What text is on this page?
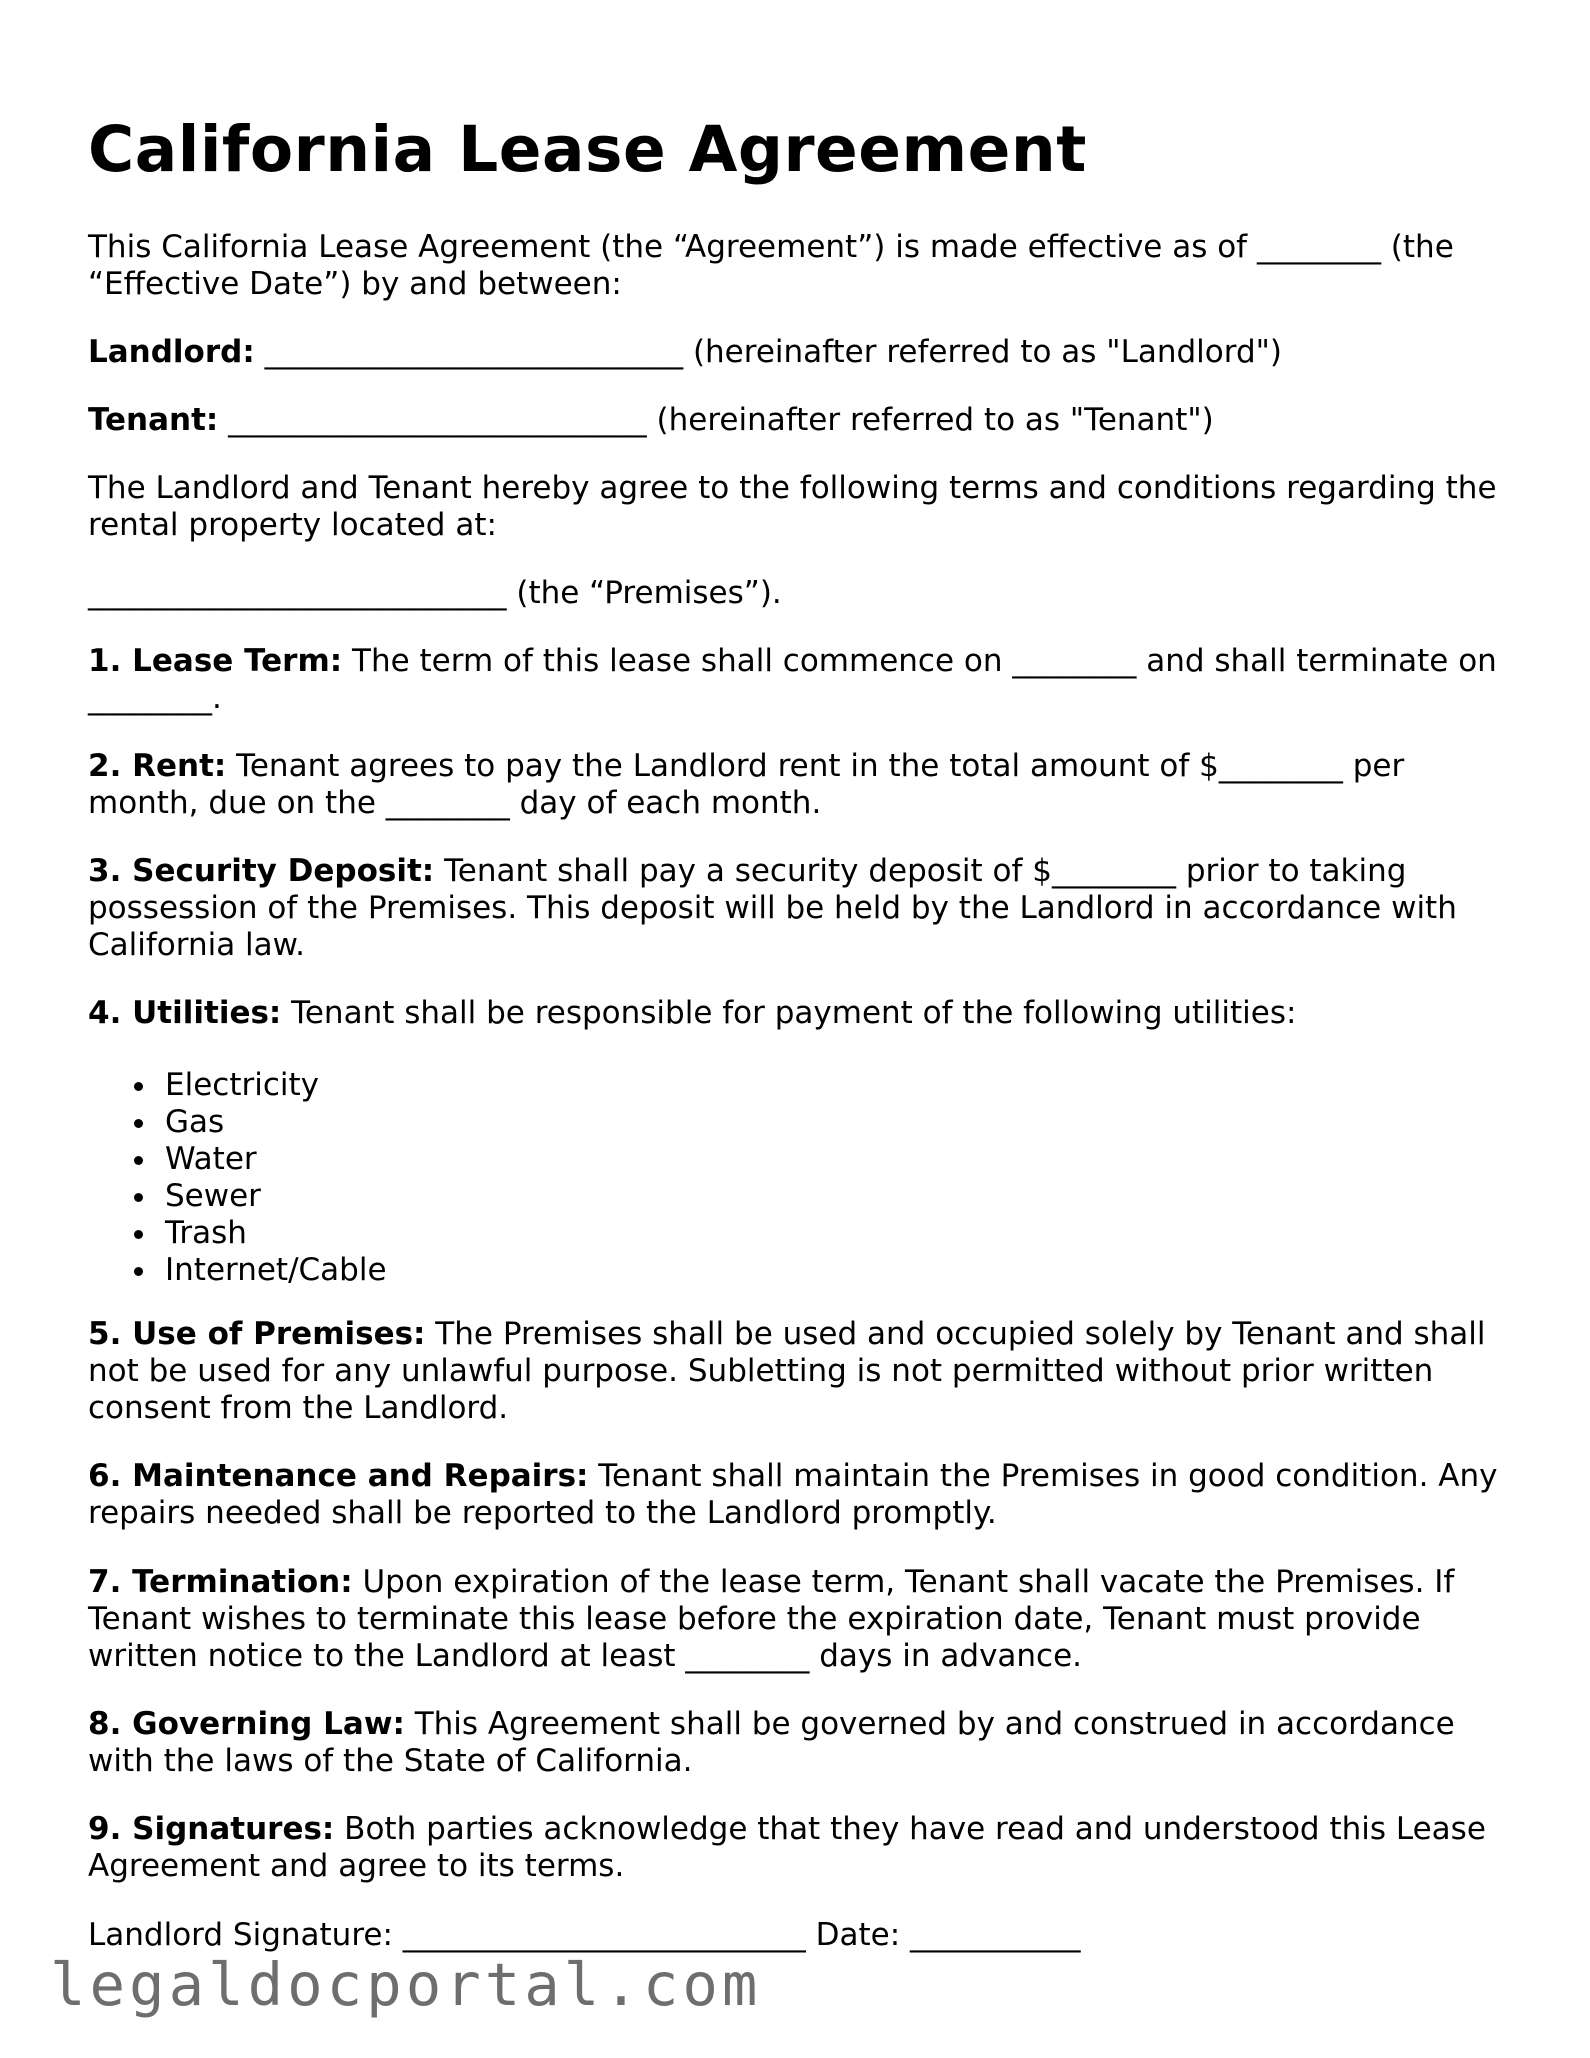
California Lease Agreement

This California Lease Agreement (the “Agreement”) is made effective as of ________ (the “Effective Date”) by and between:

Landlord: ___________________________ (hereinafter referred to as "Landlord")

Tenant: ___________________________ (hereinafter referred to as "Tenant")

The Landlord and Tenant hereby agree to the following terms and conditions regarding the rental property located at:

___________________________ (the “Premises”).

1. Lease Term: The term of this lease shall commence on ________ and shall terminate on ________.

2. Rent: Tenant agrees to pay the Landlord rent in the total amount of $________ per month, due on the ________ day of each month.

3. Security Deposit: Tenant shall pay a security deposit of $________ prior to taking possession of the Premises. This deposit will be held by the Landlord in accordance with California law.

4. Utilities: Tenant shall be responsible for payment of the following utilities:

Electricity
Gas
Water
Sewer
Trash
Internet/Cable

5. Use of Premises: The Premises shall be used and occupied solely by Tenant and shall not be used for any unlawful purpose. Subletting is not permitted without prior written consent from the Landlord.

6. Maintenance and Repairs: Tenant shall maintain the Premises in good condition. Any repairs needed shall be reported to the Landlord promptly.

7. Termination: Upon expiration of the lease term, Tenant shall vacate the Premises. If Tenant wishes to terminate this lease before the expiration date, Tenant must provide written notice to the Landlord at least ________ days in advance.

8. Governing Law: This Agreement shall be governed by and construed in accordance with the laws of the State of California.

9. Signatures: Both parties acknowledge that they have read and understood this Lease Agreement and agree to its terms.

Landlord Signature: __________________________ Date: ___________

legaldocportal.com
